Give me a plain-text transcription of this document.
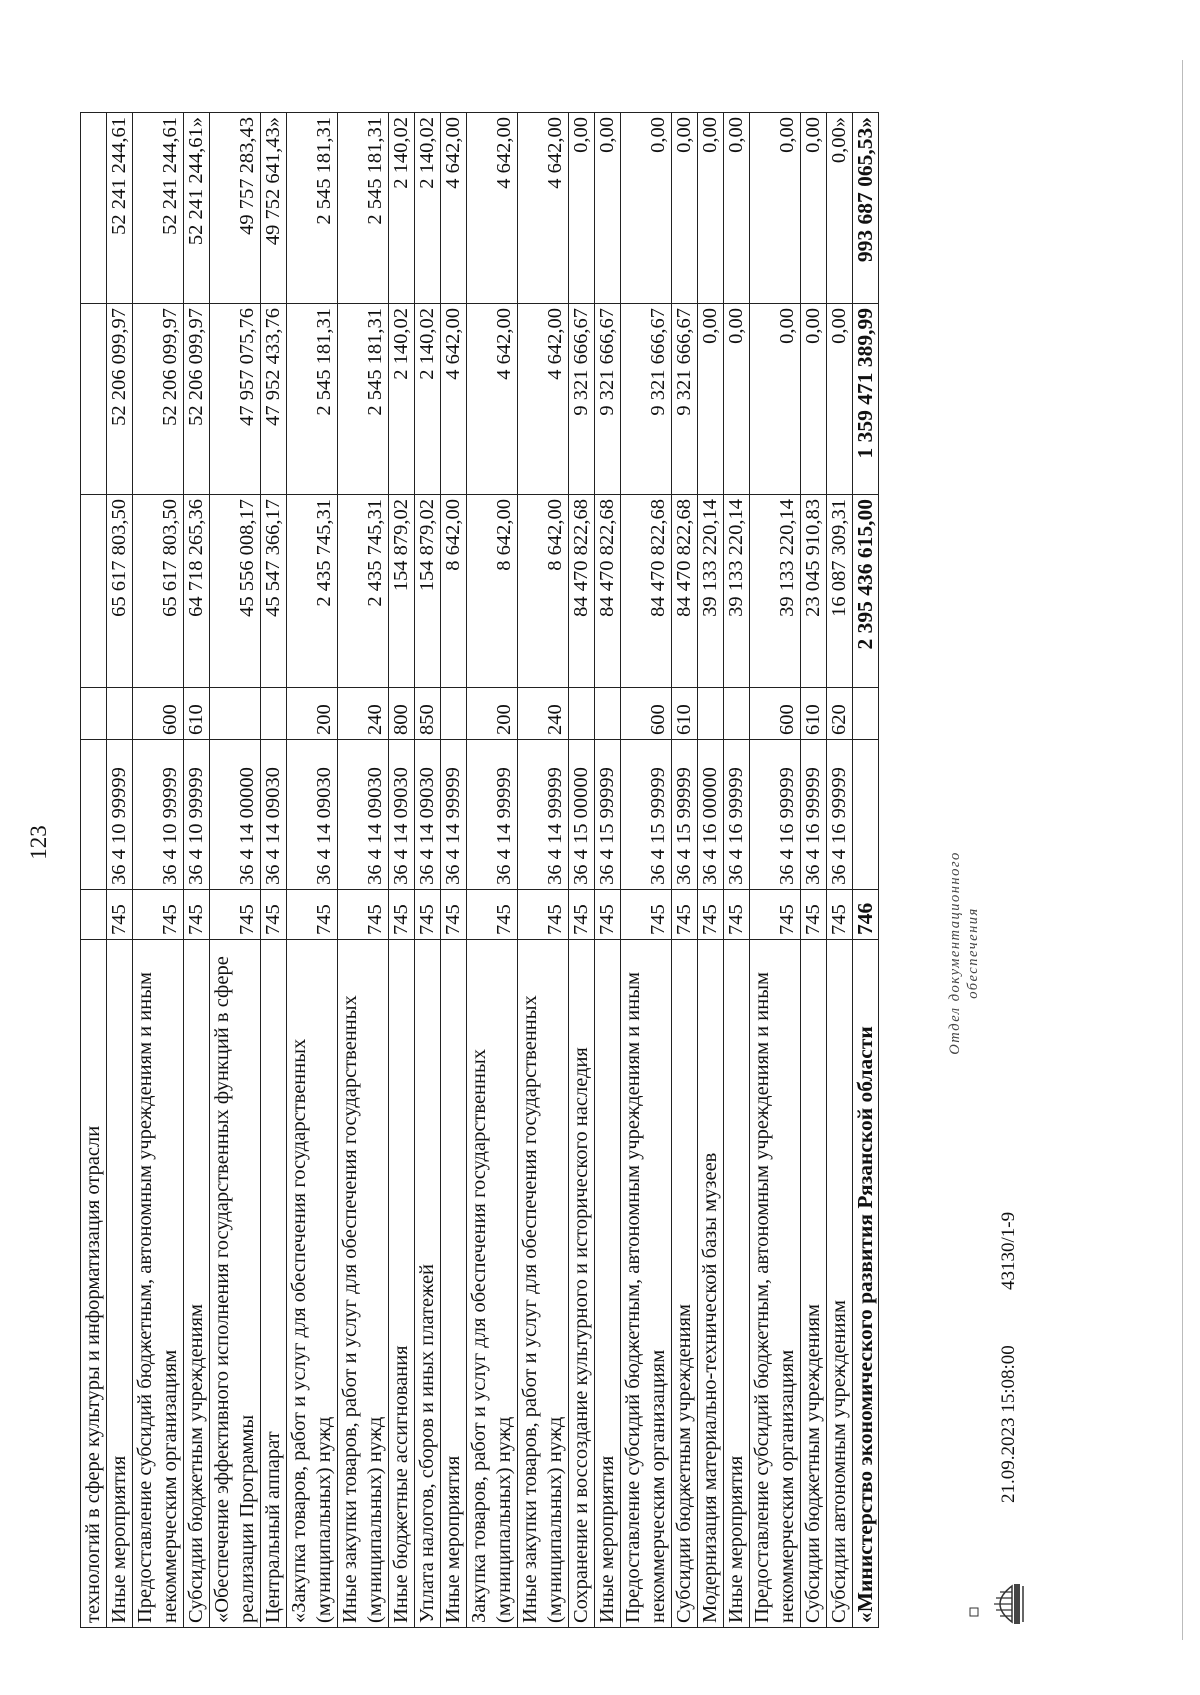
123
технологий в сфере культуры и информатизация отрасли						
Иные мероприятия	745	36 4 10 99999		65 617 803,50	52 206 099,97	52 241 244,61
Предоставление субсидий бюджетным, автономным учреждениям и иным некоммерческим организациям	745	36 4 10 99999	600	65 617 803,50	52 206 099,97	52 241 244,61
Субсидии бюджетным учреждениям	745	36 4 10 99999	610	64 718 265,36	52 206 099,97	52 241 244,61»
«Обеспечение эффективного исполнения государственных функций в сфере реализации Программы	745	36 4 14 00000		45 556 008,17	47 957 075,76	49 757 283,43
Центральный аппарат	745	36 4 14 09030		45 547 366,17	47 952 433,76	49 752 641,43»
«Закупка товаров, работ и услуг для обеспечения государственных (муниципальных) нужд	745	36 4 14 09030	200	2 435 745,31	2 545 181,31	2 545 181,31
Иные закупки товаров, работ и услуг для обеспечения государственных (муниципальных) нужд	745	36 4 14 09030	240	2 435 745,31	2 545 181,31	2 545 181,31
Иные бюджетные ассигнования	745	36 4 14 09030	800	154 879,02	2 140,02	2 140,02
Уплата налогов, сборов и иных платежей	745	36 4 14 09030	850	154 879,02	2 140,02	2 140,02
Иные мероприятия	745	36 4 14 99999		8 642,00	4 642,00	4 642,00
Закупка товаров, работ и услуг для обеспечения государственных (муниципальных) нужд	745	36 4 14 99999	200	8 642,00	4 642,00	4 642,00
Иные закупки товаров, работ и услуг для обеспечения государственных (муниципальных) нужд	745	36 4 14 99999	240	8 642,00	4 642,00	4 642,00
Сохранение и воссоздание культурного и исторического наследия	745	36 4 15 00000		84 470 822,68	9 321 666,67	0,00
Иные мероприятия	745	36 4 15 99999		84 470 822,68	9 321 666,67	0,00
Предоставление субсидий бюджетным, автономным учреждениям и иным некоммерческим организациям	745	36 4 15 99999	600	84 470 822,68	9 321 666,67	0,00
Субсидии бюджетным учреждениям	745	36 4 15 99999	610	84 470 822,68	9 321 666,67	0,00
Модернизация материально-технической базы музеев	745	36 4 16 00000		39 133 220,14	0,00	0,00
Иные мероприятия	745	36 4 16 99999		39 133 220,14	0,00	0,00
Предоставление субсидий бюджетным, автономным учреждениям и иным некоммерческим организациям	745	36 4 16 99999	600	39 133 220,14	0,00	0,00
Субсидии бюджетным учреждениям	745	36 4 16 99999	610	23 045 910,83	0,00	0,00
Субсидии автономным учреждениям	745	36 4 16 99999	620	16 087 309,31	0,00	0,00»
«Министерство экономического развития Рязанской области	746			2 395 436 615,00	1 359 471 389,99	993 687 065,53»
21.09.2023 15:08:00
43130/1-9
Отдел документационного обеспечения
